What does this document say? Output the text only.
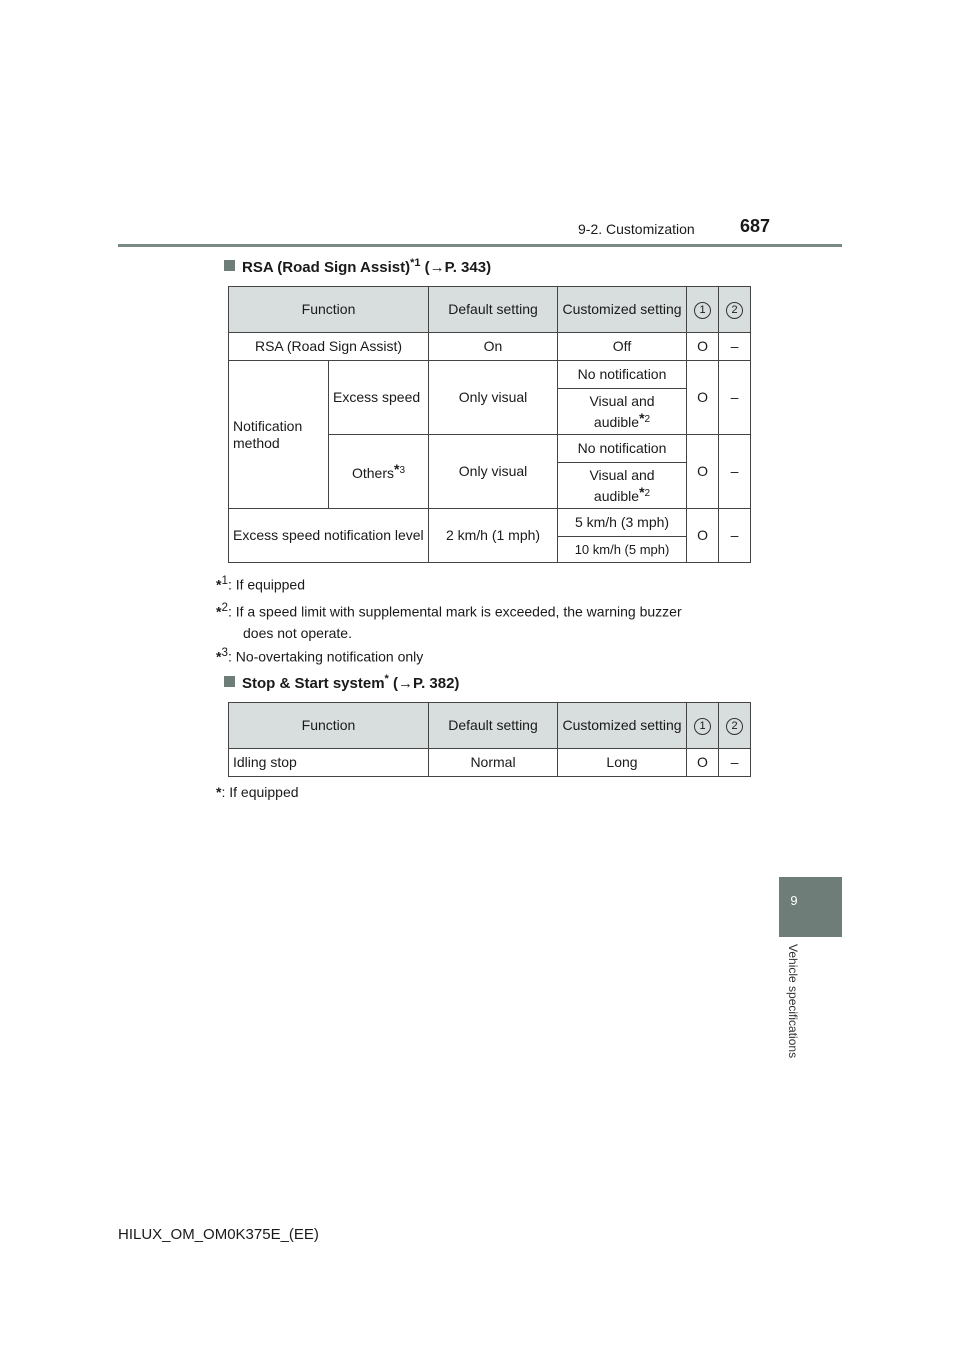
9-2. Customization	687
9
Vehicle specifications
RSA (Road Sign Assist)$^{*1}$ (→P. 343)
Function		Default setting	Customized setting	1	2
RSA (Road Sign Assist)		On	Off	O	–
Notification method	Excess speed	Only visual	No notification	O	–
			Visual and audible*$^2$
	Others*$^3$	Only visual	No notification	O	–
			Visual and audible*$^2$
Excess speed notification level		2 km/h (1 mph)	5 km/h (3 mph)	O	–
			10 km/h (5 mph)		
*$^1$: If equipped
*$^2$: If a speed limit with supplemental mark is exceeded, the warning buzzer
does not operate.
*$^3$: No-overtaking notification only
Stop & Start system* (→P. 382)
Function	Default setting	Customized setting	1	2
Idling stop	Normal	Long	O	–
*: If equipped
HILUX_OM_OM0K375E_(EE)
